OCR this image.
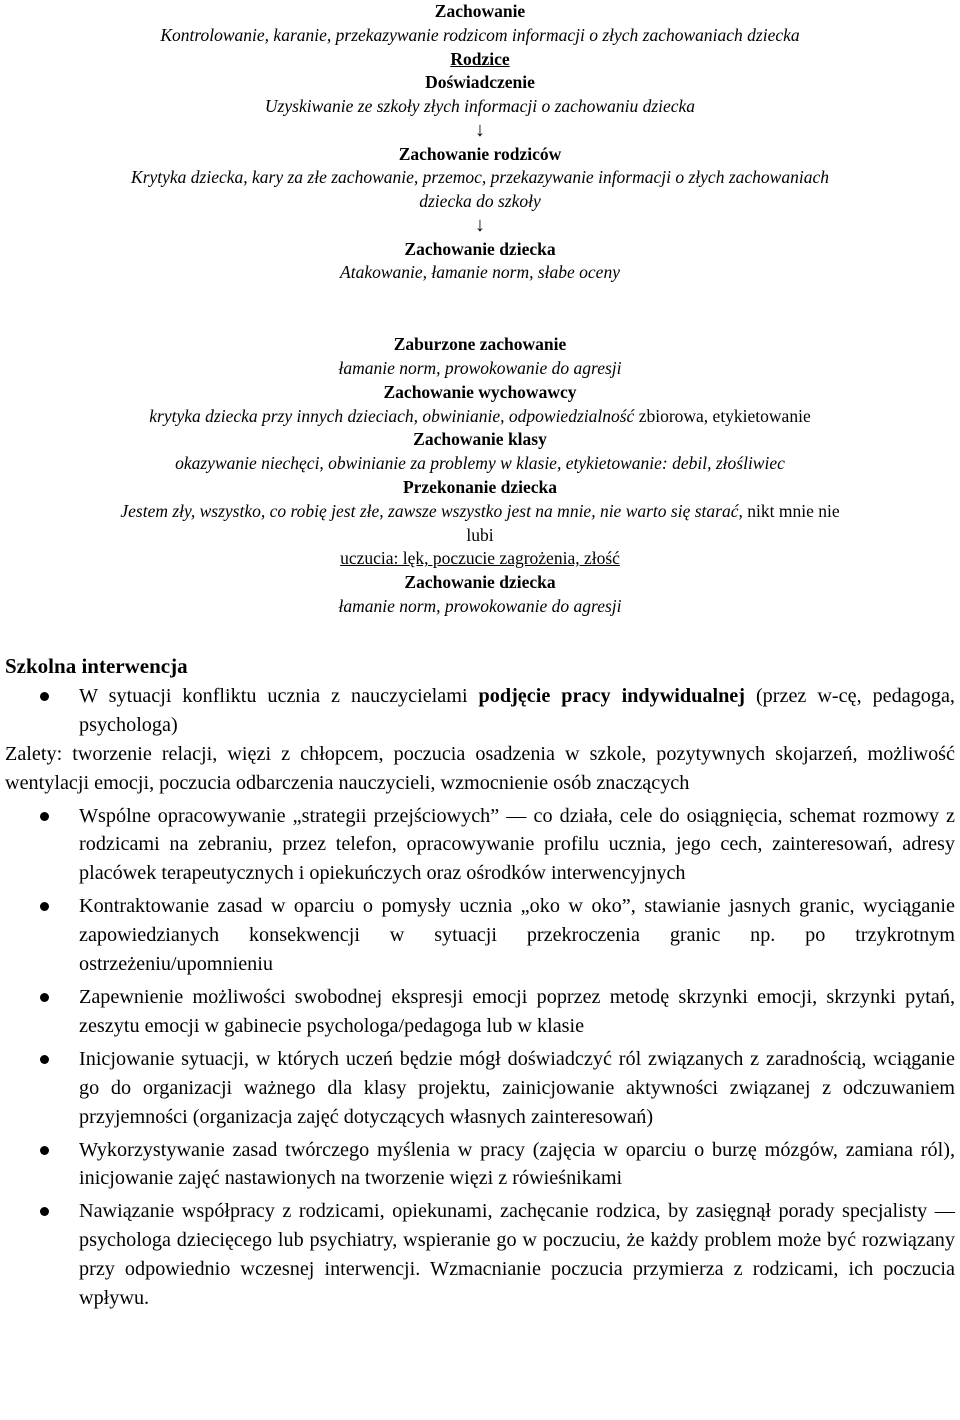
Zachowanie
Kontrolowanie, karanie, przekazywanie rodzicom informacji o złych zachowaniach dziecka
Rodzice
Doświadczenie
Uzyskiwanie ze szkoły złych informacji o zachowaniu dziecka
↓
Zachowanie rodziców
Krytyka dziecka, kary za złe zachowanie, przemoc, przekazywanie informacji o złych zachowaniach
dziecka do szkoły
↓
Zachowanie dziecka
Atakowanie, łamanie norm, słabe oceny
Zaburzone zachowanie
łamanie norm, prowokowanie do agresji
Zachowanie wychowawcy
krytyka dziecka przy innych dzieciach, obwinianie, odpowiedzialność zbiorowa, etykietowanie
Zachowanie klasy
okazywanie niechęci, obwinianie za problemy w klasie, etykietowanie: debil, złośliwiec
Przekonanie dziecka
Jestem zły, wszystko, co robię jest złe, zawsze wszystko jest na mnie, nie warto się starać, nikt mnie nie
lubi
uczucia: lęk, poczucie zagrożenia, złość
Zachowanie dziecka
łamanie norm, prowokowanie do agresji
Szkolna interwencja
W sytuacji konfliktu ucznia z nauczycielami podjęcie pracy indywidualnej (przez w-cę, pedagoga, psychologa)

Zalety: tworzenie relacji, więzi z chłopcem, poczucia osadzenia w szkole, pozytywnych skojarzeń, możliwość wentylacji emocji, poczucia odbarczenia nauczycieli, wzmocnienie osób znaczących

Wspólne opracowywanie „strategii przejściowych” — co działa, cele do osiągnięcia, schemat rozmowy z rodzicami na zebraniu, przez telefon, opracowywanie profilu ucznia, jego cech, zainteresowań, adresy placówek terapeutycznych i opiekuńczych oraz ośrodków interwencyjnych
Kontraktowanie zasad w oparciu o pomysły ucznia „oko w oko”, stawianie jasnych granic, wyciąganie zapowiedzianych konsekwencji w sytuacji przekroczenia granic np. po trzykrotnym ostrzeżeniu/upomnieniu
Zapewnienie możliwości swobodnej ekspresji emocji poprzez metodę skrzynki emocji, skrzynki pytań, zeszytu emocji w gabinecie psychologa/pedagoga lub w klasie
Inicjowanie sytuacji, w których uczeń będzie mógł doświadczyć ról związanych z zaradnością, wciąganie go do organizacji ważnego dla klasy projektu, zainicjowanie aktywności związanej z odczuwaniem przyjemności (organizacja zajęć dotyczących własnych zainteresowań)
Wykorzystywanie zasad twórczego myślenia w pracy (zajęcia w oparciu o burzę mózgów, zamiana ról), inicjowanie zajęć nastawionych na tworzenie więzi z rówieśnikami
Nawiązanie współpracy z rodzicami, opiekunami, zachęcanie rodzica, by zasięgnął porady specjalisty — psychologa dziecięcego lub psychiatry, wspieranie go w poczuciu, że każdy problem może być rozwiązany przy odpowiednio wczesnej interwencji. Wzmacnianie poczucia przymierza z rodzicami, ich poczucia wpływu.
